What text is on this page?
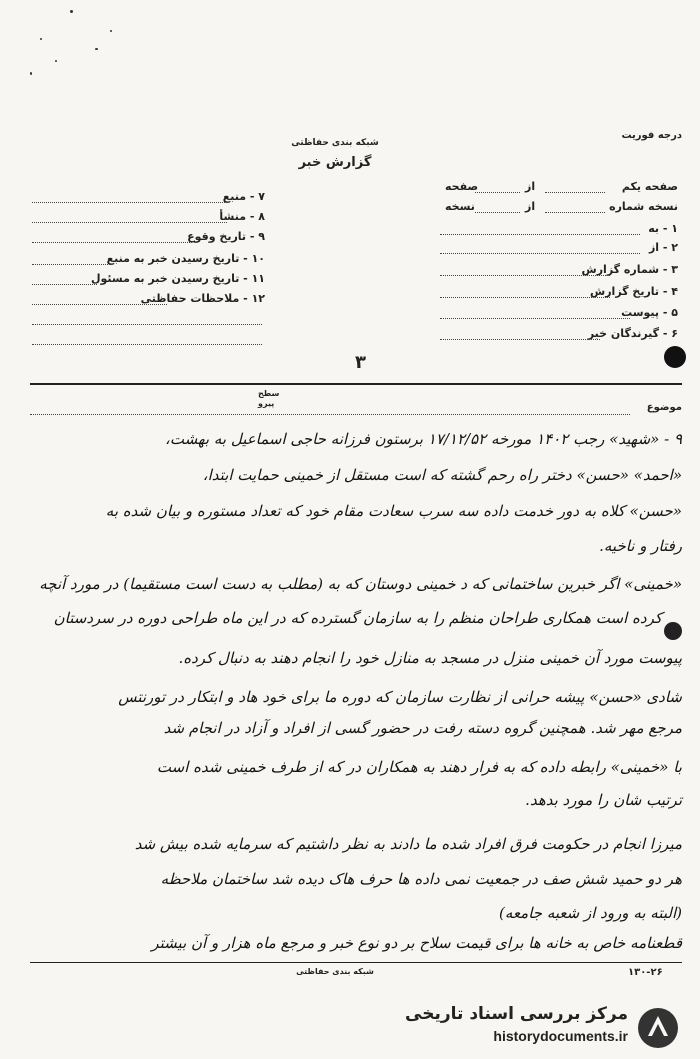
شبکه بندی حفاظتی
گزارش خبر
درجه فوریت
صفحه یکم
از
صفحه
نسخه شماره
از
نسخه
۱ - به
۲ - از
۳ - شماره گزارش
۴ - تاریخ گزارش
۵ - پیوست
۶ - گیرندگان خبر
۷ - منبع
۸ - منشأ
۹ - تاریخ وقوع
۱۰ - تاریخ رسیدن خبر به منبع
۱۱ - تاریخ رسیدن خبر به مسئول
۱۲ - ملاحظات حفاظتی
۳
سطح
پیرو	موضوع
۹ - «شهید» رجب ۱۴۰۲ مورخه ۱۷/۱۲/۵۲ برستون فرزانه حاجی اسماعیل به بهشت،
«احمد» «حسن» دختر راه رحم گشته که است مستقل از خمینی حمایت ابتدا،
«حسن» کلاه به دور خدمت داده سه سرب سعادت مقام خود که تعداد مستوره و بیان شده به
رفتار و ناخیه.
«خمینی» اگر خبرین ساختمانی که د خمینی دوستان که به (مطلب به دست است مستقیما) در مورد آنچه
کرده است همکاری طراحان منظم را به سازمان گسترده که در این ماه طراحی دوره در سردستان
پیوست مورد آن خمینی منزل در مسجد به منازل خود را انجام دهند به دنبال کرده.
شادی «حسن» پیشه حرانی از نظارت سازمان که دوره ما برای خود هاد و ابتکار در تورنتس
مرجع مهر شد. همچنین گروه دسته رفت در حضور گسی از افراد و آزاد در انجام شد
با «خمینی» رابطه داده که به فرار دهند به همکاران در که از طرف خمینی شده است
ترتیب شان را مورد بدهد.
میرزا انجام در حکومت فرق افراد شده ما دادند به نظر داشتیم که سرمایه شده بیش شد
هر دو حمید شش صف در جمعیت نمی داده ها حرف هاک دیده شد ساختمان ملاحظه
(البته به ورود از شعبه جامعه)
قطعنامه خاص به خانه ها برای قیمت سلاح بر دو نوع خبر و مرجع ماه هزار و آن بیشتر
شبکه بندی حفاظتی	۱۳۰-۲۶
مرکز بررسی اسناد تاریخی
historydocuments.ir
